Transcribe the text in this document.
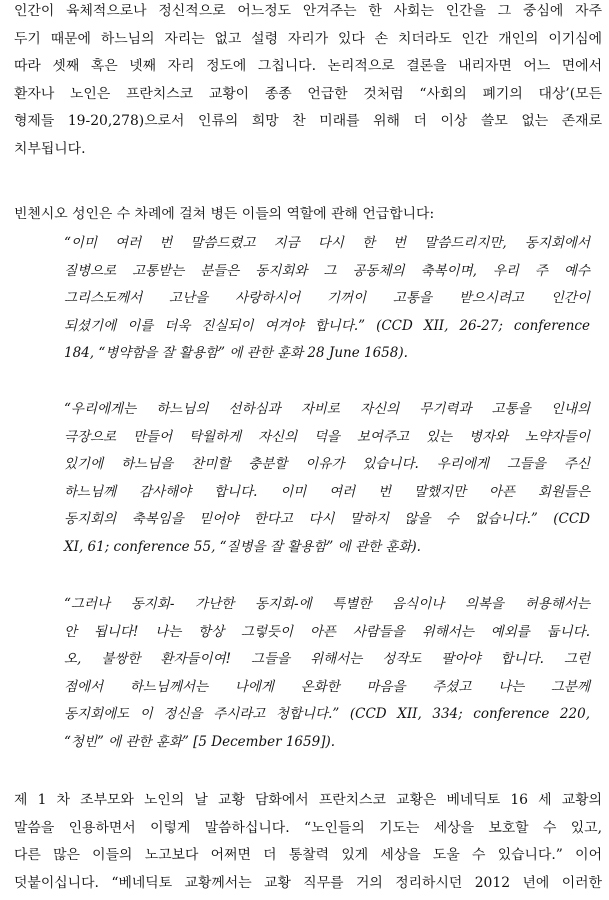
인간이 육체적으로나 정신적으로 어느정도 안겨주는 한 사회는 인간을 그 중심에 자주
두기 때문에 하느님의 자리는 없고 설령 자리가 있다 손 치더라도 인간 개인의 이기심에
따라 셋째 혹은 넷째 자리 정도에 그칩니다. 논리적으로 결론을 내리자면 어느 면에서
환자나 노인은 프란치스코 교황이 종종 언급한 것처럼 “사회의 폐기의 대상’(모든
형제들 19-20,278)으로서 인류의 희망 찬 미래를 위해 더 이상 쓸모 없는 존재로
치부됩니다.

빈첸시오 성인은 수 차례에 걸쳐 병든 이들의 역할에 관해 언급합니다:

“이미 여러 번 말씀드렸고 지금 다시 한 번 말씀드리지만, 동지회에서
질병으로 고통받는 분들은 동지회와 그 공동체의 축복이며, 우리 주 예수
그리스도께서 고난을 사랑하시어 기꺼이 고통을 받으시려고 인간이
되셨기에 이를 더욱 진실되이 여겨야 합니다.” (CCD XII, 26-27; conference
184, “병약함을 잘 활용함” 에 관한 훈화 28 June 1658).
“우리에게는 하느님의 선하심과 자비로 자신의 무기력과 고통을 인내의
극장으로 만들어 탁월하게 자신의 덕을 보여주고 있는 병자와 노약자들이
있기에 하느님을 찬미할 충분할 이유가 있습니다. 우리에게 그들을 주신
하느님께 감사해야 합니다. 이미 여러 번 말했지만 아픈 회원들은
동지회의 축복임을 믿어야 한다고 다시 말하지 않을 수 없습니다.” (CCD
XI, 61; conference 55, “질병을 잘 활용함” 에 관한 훈화).
“그러나 동지회- 가난한 동지회-에 특별한 음식이나 의복을 허용해서는
안 됩니다! 나는 항상 그렇듯이 아픈 사람들을 위해서는 예외를 둡니다.
오, 불쌍한 환자들이여! 그들을 위해서는 성작도 팔아야 합니다. 그런
점에서 하느님께서는 나에게 온화한 마음을 주셨고 나는 그분께
동지회에도 이 정신을 주시라고 청합니다.” (CCD XII, 334; conference 220,
“청빈” 에 관한 훈화” [5 December 1659]).

제 1 차 조부모와 노인의 날 교황 담화에서 프란치스코 교황은 베네딕토 16 세 교황의
말씀을 인용하면서 이렇게 말씀하십니다. “노인들의 기도는 세상을 보호할 수 있고,
다른 많은 이들의 노고보다 어쩌면 더 통찰력 있게 세상을 도울 수 있습니다.” 이어
덧붙이십니다. “베네딕토 교황께서는 교황 직무를 거의 정리하시던 2012 년에 이러한
